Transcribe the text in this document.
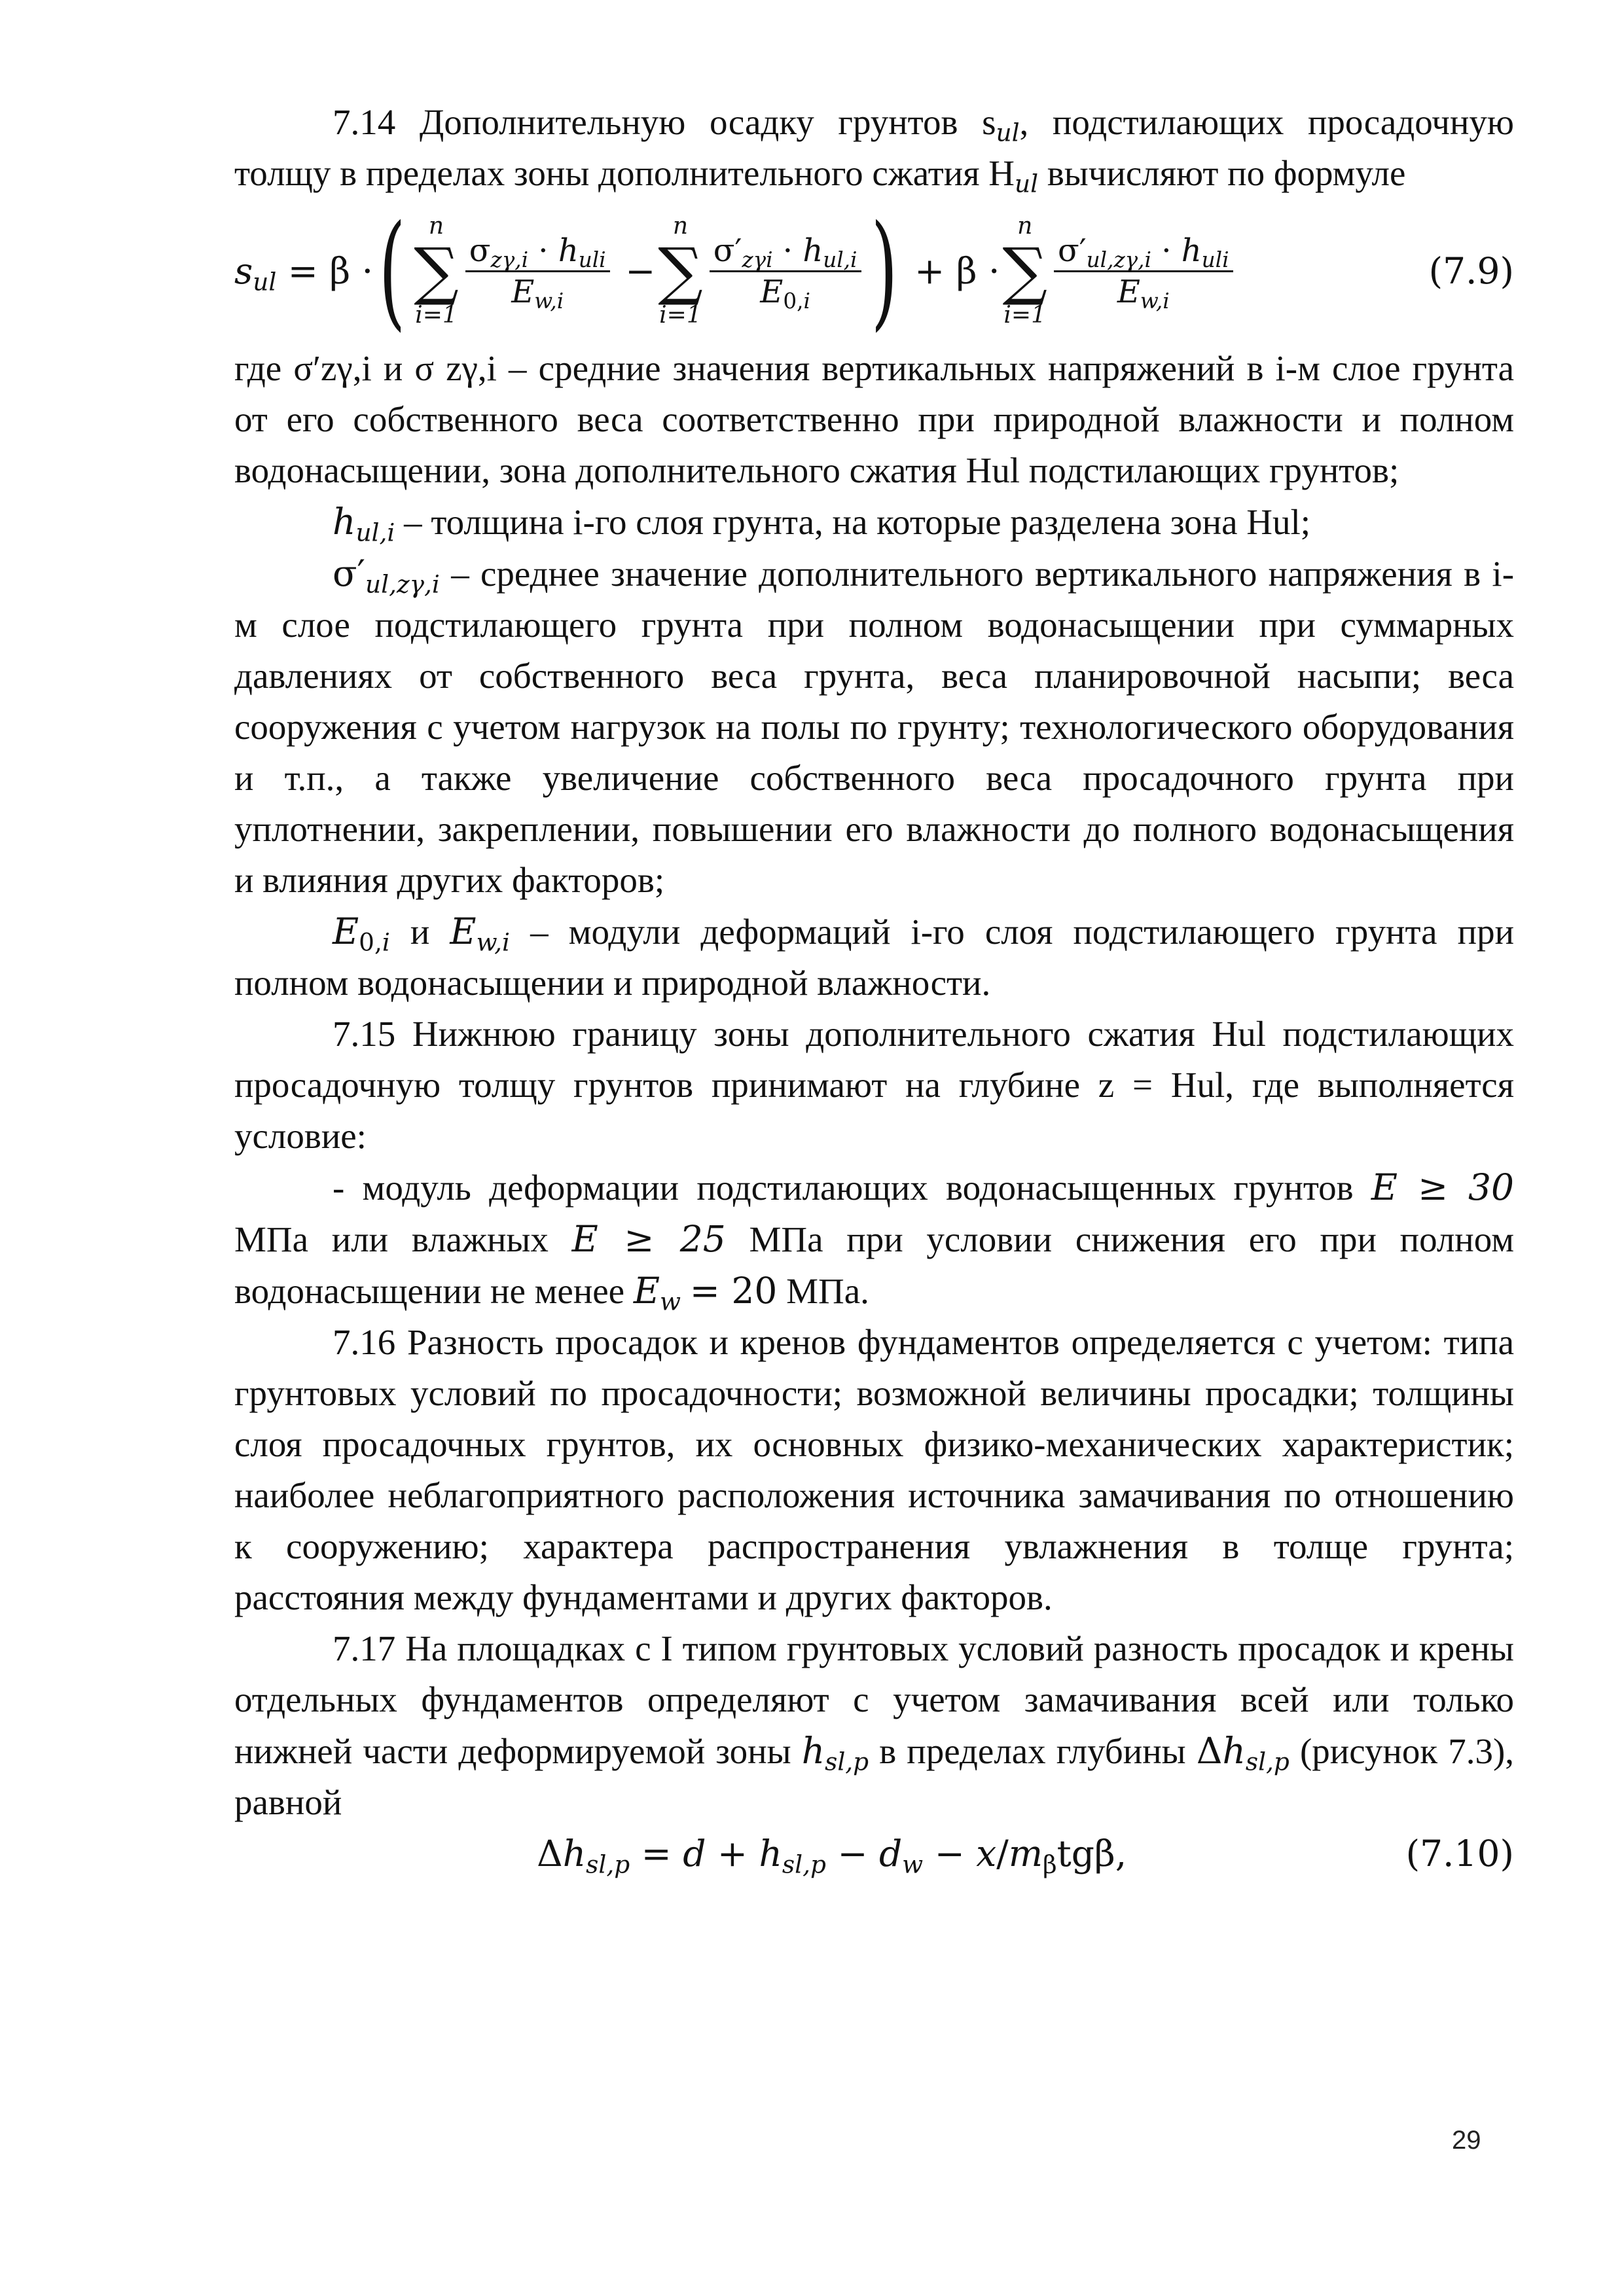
7.14 Дополнительную осадку грунтов $s_{ul}$, подстилающих просадочную толщу в пределах зоны дополнительного сжатия $H_{ul}$ вычисляют по формуле

$s_{ul} = \beta$ · ( n
∑
i=1
$\frac{\sigma_{z\gamma,i} \cdot h_{uli}}{E_{w,i}}$ −
n
∑
i=1
$\frac{\sigma'_{z\gamma i} \cdot h_{ul,i}}{E_{0,i}}$ ) + β ·
n
∑
i=1
$\frac{\sigma'_{ul,z\gamma,i} \cdot h_{uli}}{E_{w,i}}$	(7.9)

где σ′zγ,i и σ zγ,i – средние значения вертикальных напряжений в i-м слое грунта от его собственного веса соответственно при природной влажности и полном водонасыщении, зона дополнительного сжатия Hul подстилающих грунтов;

$h_{ul,i}$ – толщина i-го слоя грунта, на которые разделена зона Hul;

$\sigma'_{ul,z\gamma,i}$ – среднее значение дополнительного вертикального напряжения в i-м слое подстилающего грунта при полном водонасыщении при суммарных давлениях от собственного веса грунта, веса планировочной насыпи; веса сооружения с учетом нагрузок на полы по грунту; технологического оборудования и т.п., а также увеличение собственного веса просадочного грунта при уплотнении, закреплении, повышении его влажности до полного водонасыщения и влияния других факторов;

$E_{0,i}$ и $E_{w,i}$ – модули деформаций i-го слоя подстилающего грунта при полном водонасыщении и природной влажности.

7.15 Нижнюю границу зоны дополнительного сжатия Hul подстилающих просадочную толщу грунтов принимают на глубине z = Hul, где выполняется условие:

- модуль деформации подстилающих водонасыщенных грунтов E ≥ 30 МПа или влажных E ≥ 25 МПа при условии снижения его при полном водонасыщении не менее $E_w = 20$ МПа.

7.16 Разность просадок и кренов фундаментов определяется с учетом: типа грунтовых условий по просадочности; возможной величины просадки; толщины слоя просадочных грунтов, их основных физико-механических характеристик; наиболее неблагоприятного расположения источника замачивания по отношению к сооружению; характера распространения увлажнения в толще грунта; расстояния между фундаментами и других факторов.

7.17 На площадках с I типом грунтовых условий разность просадок и крены отдельных фундаментов определяют с учетом замачивания всей или только нижней части деформируемой зоны $h_{sl,p}$ в пределах глубины $\Delta h_{sl,p}$ (рисунок 7.3), равной

$\Delta h_{sl,p} = d + h_{sl,p} - d_w - x/m_\beta tg\beta$,	(7.10)
29
